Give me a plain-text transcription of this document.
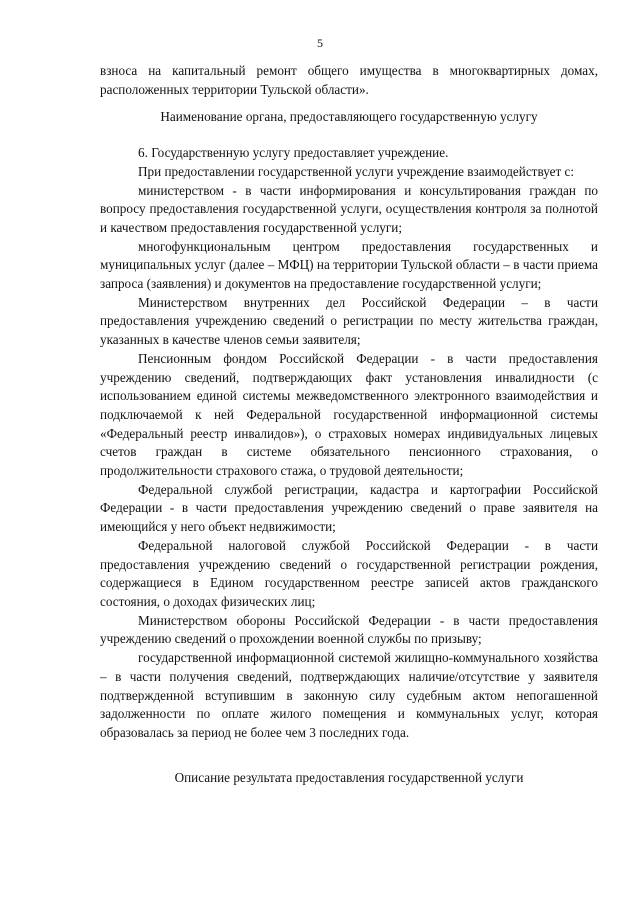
5

взноса на капитальный ремонт общего имущества в многоквартирных домах, расположенных территории Тульской области».

Наименование органа, предоставляющего государственную услугу

6. Государственную услугу предоставляет учреждение.

При предоставлении государственной услуги учреждение взаимодействует с:

министерством - в части информирования и консультирования граждан по вопросу предоставления государственной услуги, осуществления контроля за полнотой и качеством предоставления государственной услуги;

многофункциональным центром предоставления государственных и муниципальных услуг (далее – МФЦ) на территории Тульской области – в части приема запроса (заявления) и документов на предоставление государственной услуги;

Министерством внутренних дел Российской Федерации – в части предоставления учреждению сведений о регистрации по месту жительства граждан, указанных в качестве членов семьи заявителя;

Пенсионным фондом Российской Федерации - в части предоставления учреждению сведений, подтверждающих факт установления инвалидности (с использованием единой системы межведомственного электронного взаимодействия и подключаемой к ней Федеральной государственной информационной системы «Федеральный реестр инвалидов»), о страховых номерах индивидуальных лицевых счетов граждан в системе обязательного пенсионного страхования, о продолжительности страхового стажа, о трудовой деятельности;

Федеральной службой регистрации, кадастра и картографии Российской Федерации - в части предоставления учреждению сведений о праве заявителя на имеющийся у него объект недвижимости;

Федеральной налоговой службой Российской Федерации - в части предоставления учреждению сведений о государственной регистрации рождения, содержащиеся в Едином государственном реестре записей актов гражданского состояния, о доходах физических лиц;

Министерством обороны Российской Федерации - в части предоставления учреждению сведений о прохождении военной службы по призыву;

государственной информационной системой жилищно-коммунального хозяйства – в части получения сведений, подтверждающих наличие/отсутствие у заявителя подтвержденной вступившим в законную силу судебным актом непогашенной задолженности по оплате жилого помещения и коммунальных услуг, которая образовалась за период не более чем 3 последних года.

Описание результата предоставления государственной услуги
